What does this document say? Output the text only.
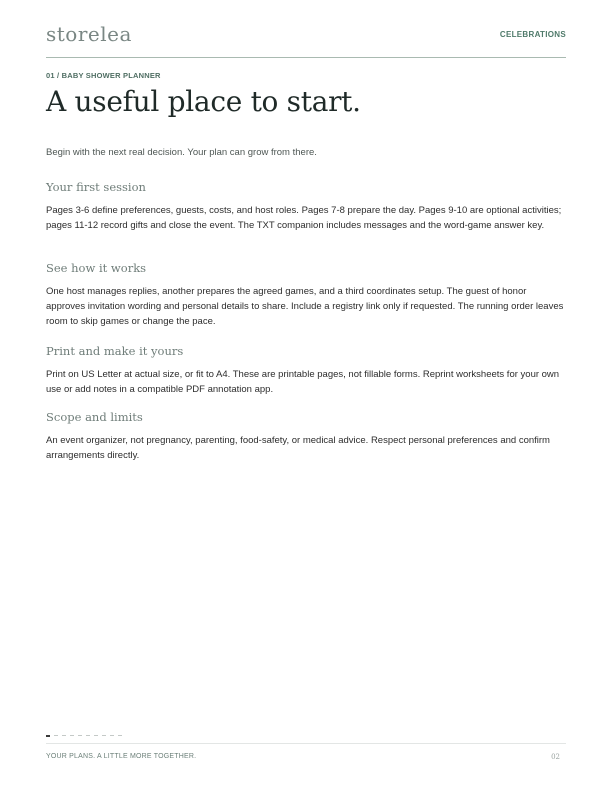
storelea	CELEBRATIONS
01 / BABY SHOWER PLANNER
A useful place to start.
Begin with the next real decision. Your plan can grow from there.
Your first session

Pages 3-6 define preferences, guests, costs, and host roles. Pages 7-8 prepare the day. Pages 9-10 are optional activities; pages 11-12 record gifts and close the event. The TXT companion includes messages and the word-game answer key.

See how it works

One host manages replies, another prepares the agreed games, and a third coordinates setup. The guest of honor approves invitation wording and personal details to share. Include a registry link only if requested. The running order leaves room to skip games or change the pace.

Print and make it yours

Print on US Letter at actual size, or fit to A4. These are printable pages, not fillable forms. Reprint worksheets for your own use or add notes in a compatible PDF annotation app.

Scope and limits

An event organizer, not pregnancy, parenting, food-safety, or medical advice. Respect personal preferences and confirm arrangements directly.

YOUR PLANS. A LITTLE MORE TOGETHER.	02
